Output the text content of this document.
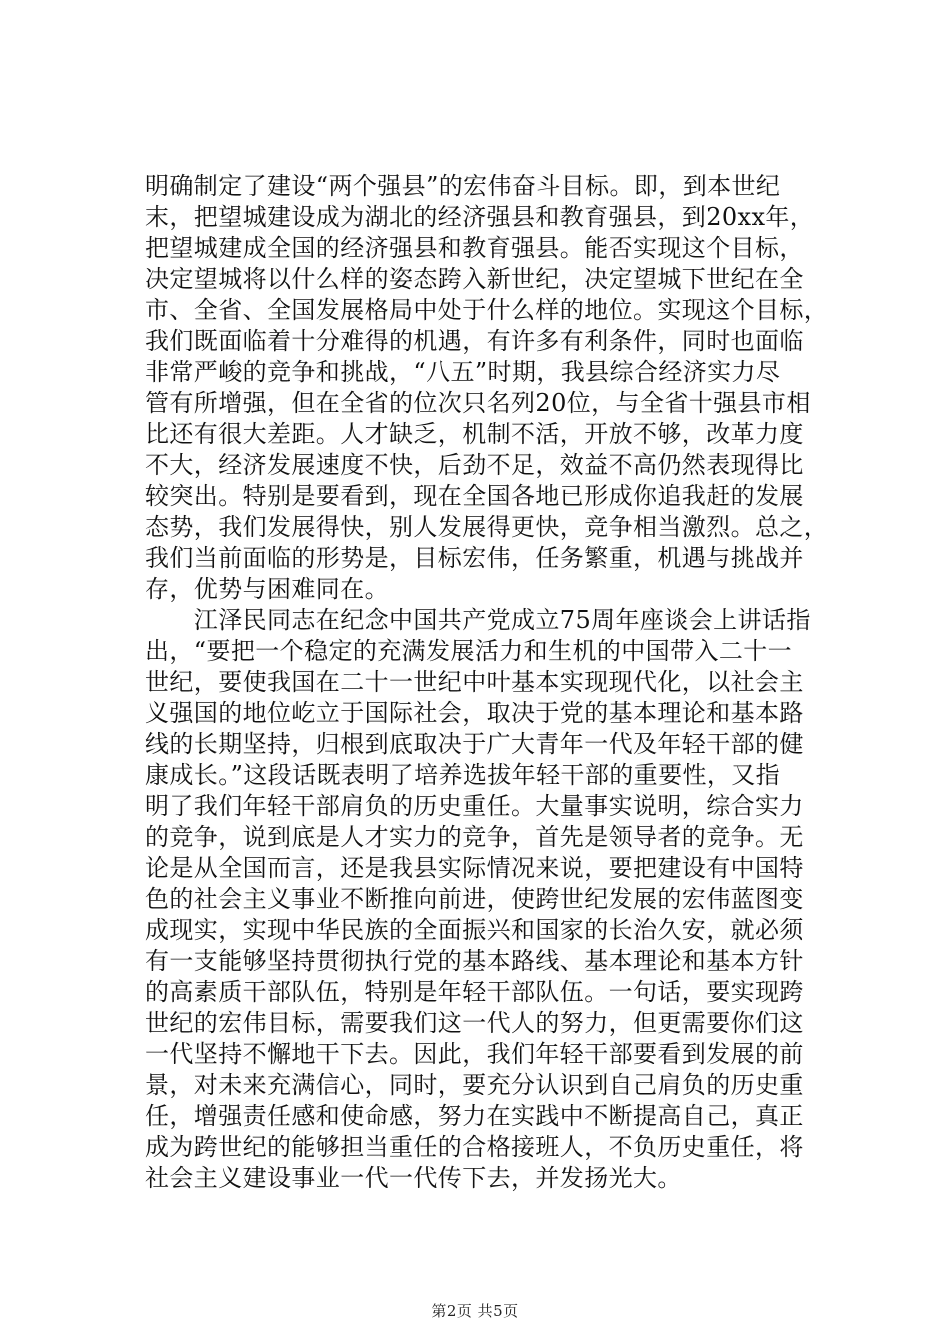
明确制定了建设“两个强县”的宏伟奋斗目标。即，到本世纪
末，把望城建设成为湖北的经济强县和教育强县，到20xx年，
把望城建成全国的经济强县和教育强县。能否实现这个目标，
决定望城将以什么样的姿态跨入新世纪，决定望城下世纪在全
市、全省、全国发展格局中处于什么样的地位。实现这个目标，
我们既面临着十分难得的机遇，有许多有利条件，同时也面临
非常严峻的竞争和挑战，“八五”时期，我县综合经济实力尽
管有所增强，但在全省的位次只名列20位，与全省十强县市相
比还有很大差距。人才缺乏，机制不活，开放不够，改革力度
不大，经济发展速度不快，后劲不足，效益不高仍然表现得比
较突出。特别是要看到，现在全国各地已形成你追我赶的发展
态势，我们发展得快，别人发展得更快，竞争相当激烈。总之，
我们当前面临的形势是，目标宏伟，任务繁重，机遇与挑战并
存，优势与困难同在。
　　江泽民同志在纪念中国共产党成立75周年座谈会上讲话指
出，“要把一个稳定的充满发展活力和生机的中国带入二十一
世纪，要使我国在二十一世纪中叶基本实现现代化，以社会主
义强国的地位屹立于国际社会，取决于党的基本理论和基本路
线的长期坚持，归根到底取决于广大青年一代及年轻干部的健
康成长。”这段话既表明了培养选拔年轻干部的重要性，又指
明了我们年轻干部肩负的历史重任。大量事实说明，综合实力
的竞争，说到底是人才实力的竞争，首先是领导者的竞争。无
论是从全国而言，还是我县实际情况来说，要把建设有中国特
色的社会主义事业不断推向前进，使跨世纪发展的宏伟蓝图变
成现实，实现中华民族的全面振兴和国家的长治久安，就必须
有一支能够坚持贯彻执行党的基本路线、基本理论和基本方针
的高素质干部队伍，特别是年轻干部队伍。一句话，要实现跨
世纪的宏伟目标，需要我们这一代人的努力，但更需要你们这
一代坚持不懈地干下去。因此，我们年轻干部要看到发展的前
景，对未来充满信心，同时，要充分认识到自己肩负的历史重
任，增强责任感和使命感，努力在实践中不断提高自己，真正
成为跨世纪的能够担当重任的合格接班人，不负历史重任，将
社会主义建设事业一代一代传下去，并发扬光大。
第2页 共5页
